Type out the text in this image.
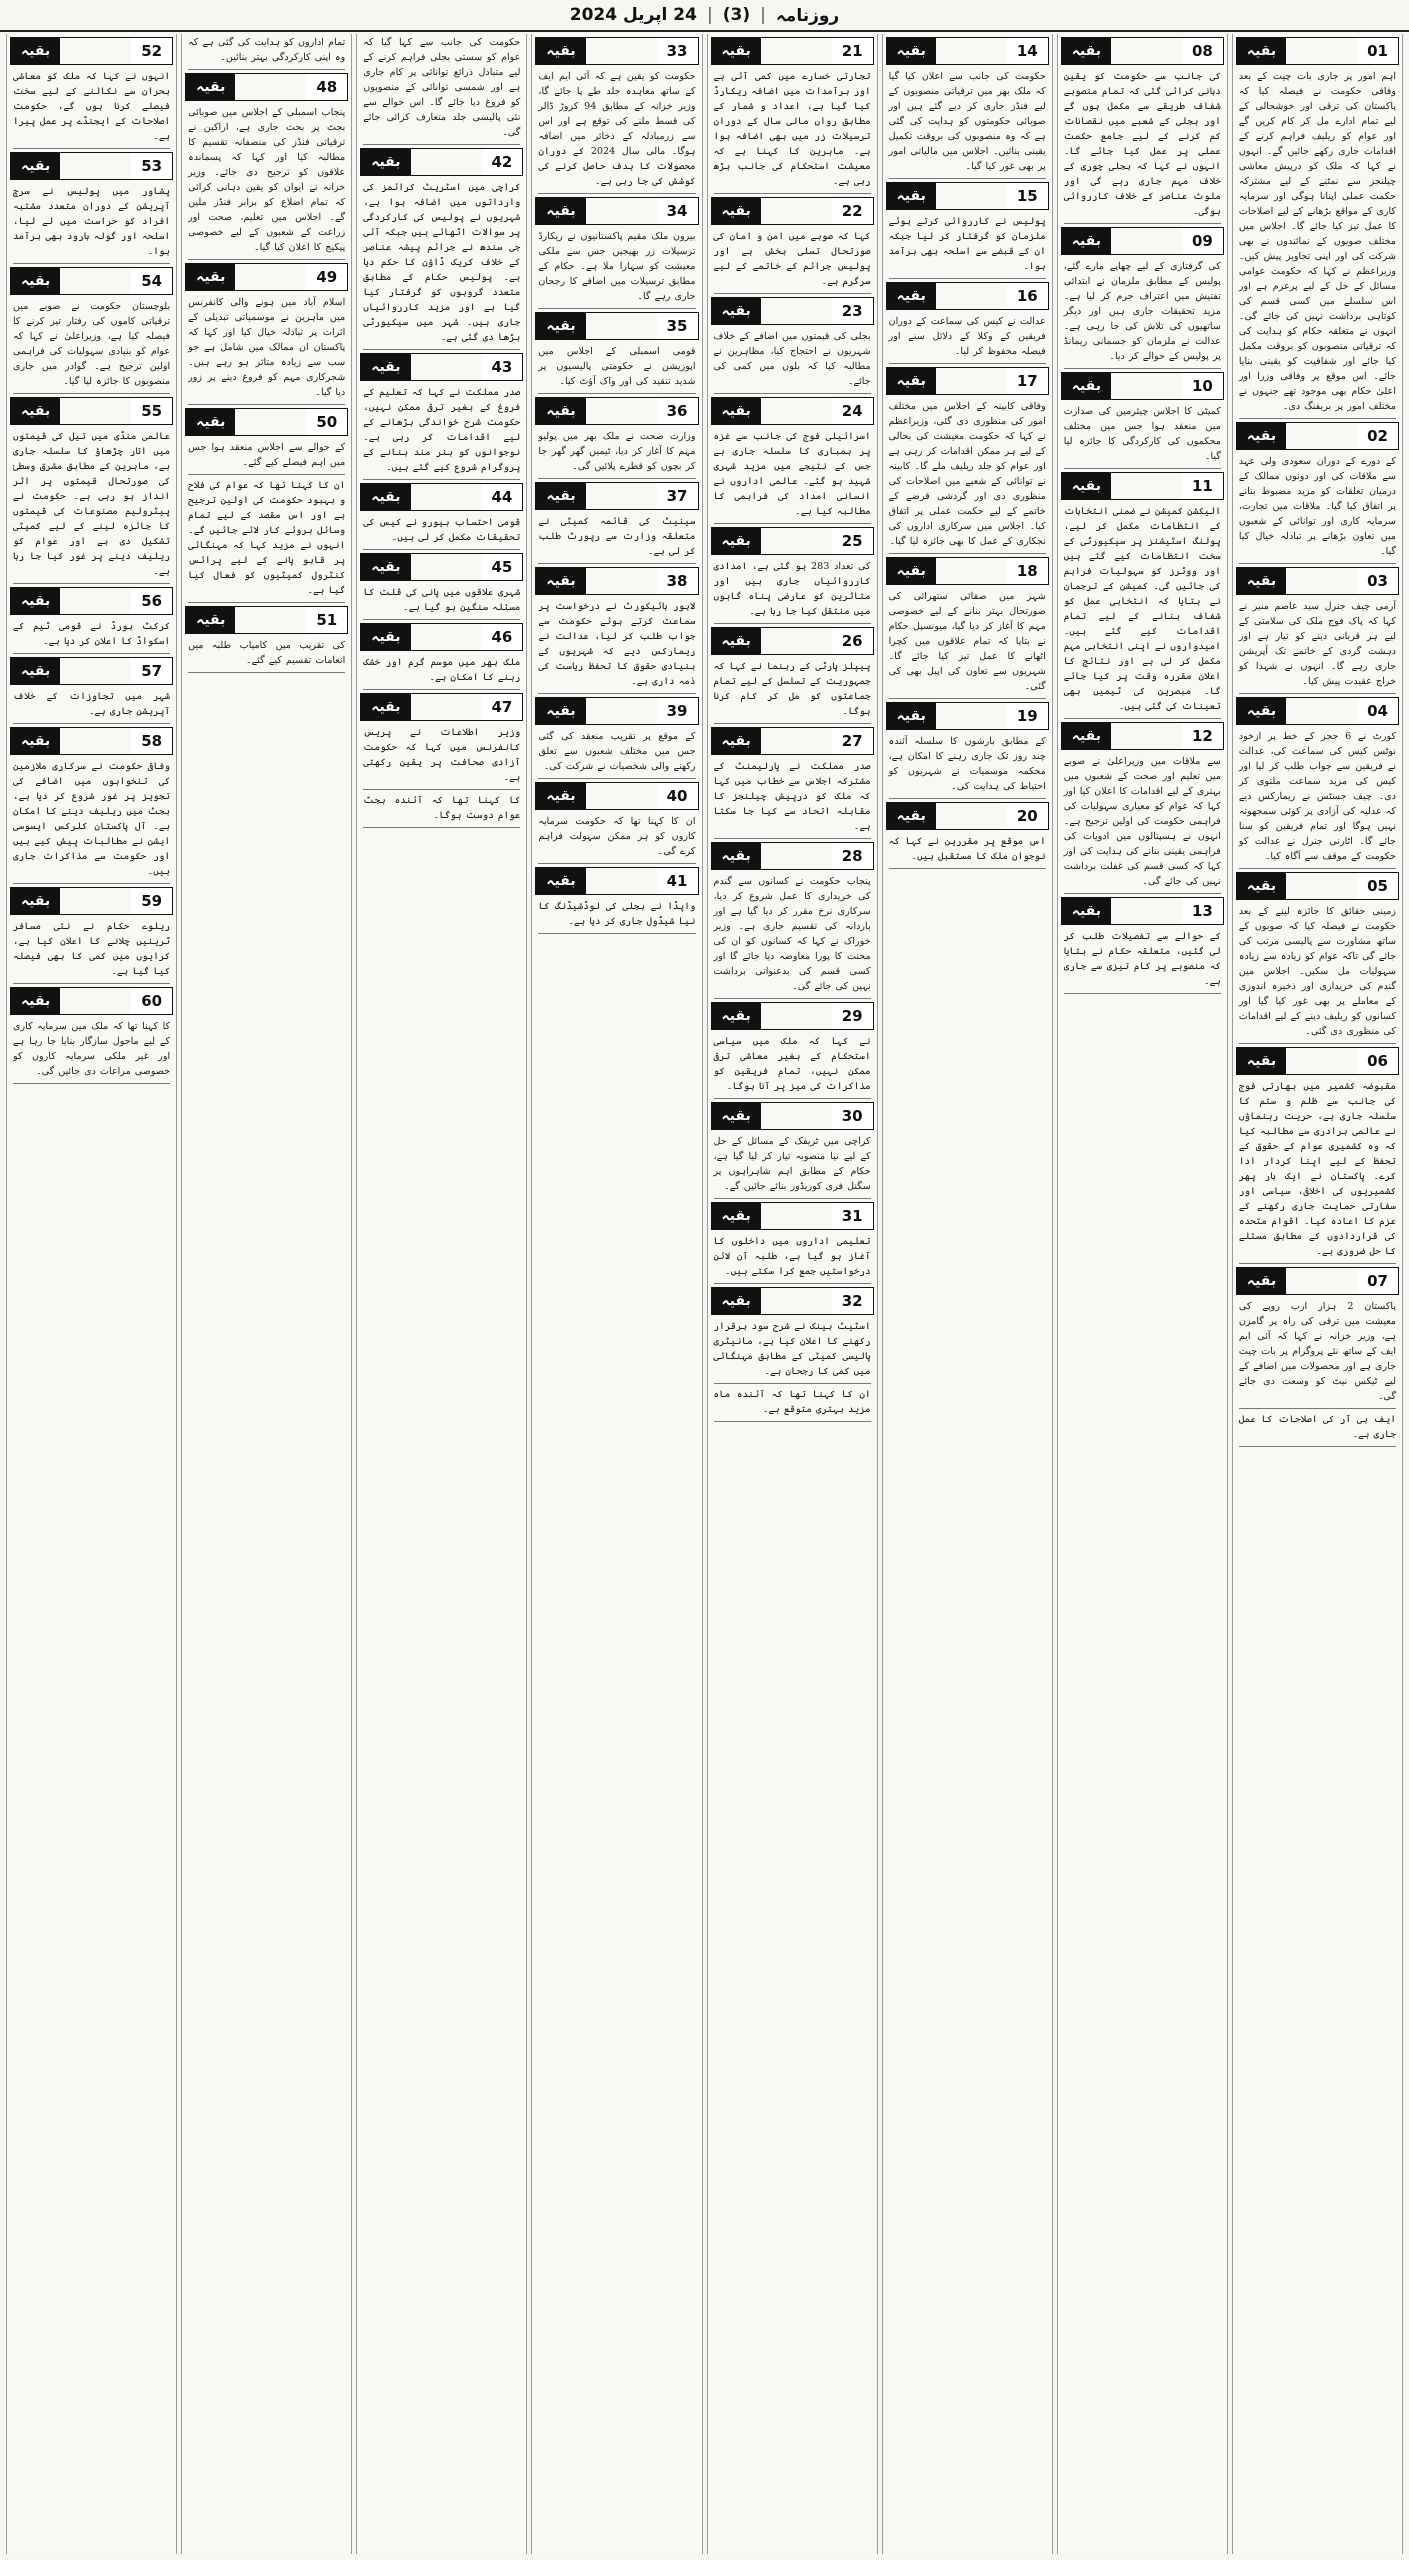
روزنامہ
|
(3)
|
24 اپریل 2024
بقیہ	01
اہم امور پر جاری بات چیت کے بعد وفاقی حکومت نے فیصلہ کیا کہ پاکستان کی ترقی اور خوشحالی کے لیے تمام ادارے مل کر کام کریں گے اور عوام کو ریلیف فراہم کرنے کے اقدامات جاری رکھے جائیں گے۔ انہوں نے کہا کہ ملک کو درپیش معاشی چیلنجز سے نمٹنے کے لیے مشترکہ حکمت عملی اپنانا ہوگی اور سرمایہ کاری کے مواقع بڑھانے کے لیے اصلاحات کا عمل تیز کیا جائے گا۔ اجلاس میں مختلف صوبوں کے نمائندوں نے بھی شرکت کی اور اپنی تجاویز پیش کیں۔ وزیراعظم نے کہا کہ حکومت عوامی مسائل کے حل کے لیے پرعزم ہے اور اس سلسلے میں کسی قسم کی کوتاہی برداشت نہیں کی جائے گی۔ انہوں نے متعلقہ حکام کو ہدایت کی کہ ترقیاتی منصوبوں کو بروقت مکمل کیا جائے اور شفافیت کو یقینی بنایا جائے۔ اس موقع پر وفاقی وزرا اور اعلیٰ حکام بھی موجود تھے جنہوں نے مختلف امور پر بریفنگ دی۔
بقیہ	02
کے دورے کے دوران سعودی ولی عہد سے ملاقات کی اور دونوں ممالک کے درمیان تعلقات کو مزید مضبوط بنانے پر اتفاق کیا گیا۔ ملاقات میں تجارت، سرمایہ کاری اور توانائی کے شعبوں میں تعاون بڑھانے پر تبادلہ خیال کیا گیا۔
بقیہ	03
آرمی چیف جنرل سید عاصم منیر نے کہا کہ پاک فوج ملک کی سلامتی کے لیے ہر قربانی دینے کو تیار ہے اور دہشت گردی کے خاتمے تک آپریشن جاری رہے گا۔ انہوں نے شہدا کو خراج عقیدت پیش کیا۔
بقیہ	04
کورٹ نے 6 ججز کے خط پر ازخود نوٹس کیس کی سماعت کی، عدالت نے فریقین سے جواب طلب کر لیا اور کیس کی مزید سماعت ملتوی کر دی۔ چیف جسٹس نے ریمارکس دیے کہ عدلیہ کی آزادی پر کوئی سمجھوتہ نہیں ہوگا اور تمام فریقین کو سنا جائے گا۔ اٹارنی جنرل نے عدالت کو حکومت کے موقف سے آگاہ کیا۔
بقیہ	05
زمینی حقائق کا جائزہ لینے کے بعد حکومت نے فیصلہ کیا کہ صوبوں کے ساتھ مشاورت سے پالیسی مرتب کی جائے گی تاکہ عوام کو زیادہ سے زیادہ سہولیات مل سکیں۔ اجلاس میں گندم کی خریداری اور ذخیرہ اندوزی کے معاملے پر بھی غور کیا گیا اور کسانوں کو ریلیف دینے کے لیے اقدامات کی منظوری دی گئی۔
بقیہ	06
مقبوضہ کشمیر میں بھارتی فوج کی جانب سے ظلم و ستم کا سلسلہ جاری ہے، حریت رہنماؤں نے عالمی برادری سے مطالبہ کیا کہ وہ کشمیری عوام کے حقوق کے تحفظ کے لیے اپنا کردار ادا کرے۔ پاکستان نے ایک بار پھر کشمیریوں کی اخلاقی، سیاسی اور سفارتی حمایت جاری رکھنے کے عزم کا اعادہ کیا۔ اقوام متحدہ کی قراردادوں کے مطابق مسئلے کا حل ضروری ہے۔
بقیہ	07
پاکستان 2 ہزار ارب روپے کی معیشت میں ترقی کی راہ پر گامزن ہے، وزیر خزانہ نے کہا کہ آئی ایم ایف کے ساتھ نئے پروگرام پر بات چیت جاری ہے اور محصولات میں اضافے کے لیے ٹیکس نیٹ کو وسعت دی جائے گی۔
ایف بی آر کی اصلاحات کا عمل جاری ہے۔
بقیہ	08
کی جانب سے حکومت کو یقین دہانی کرائی گئی کہ تمام منصوبے شفاف طریقے سے مکمل ہوں گے اور بجلی کے شعبے میں نقصانات کم کرنے کے لیے جامع حکمت عملی پر عمل کیا جائے گا۔ انہوں نے کہا کہ بجلی چوری کے خلاف مہم جاری رہے گی اور ملوث عناصر کے خلاف کارروائی ہوگی۔
بقیہ	09
کی گرفتاری کے لیے چھاپے مارے گئے، پولیس کے مطابق ملزمان نے ابتدائی تفتیش میں اعتراف جرم کر لیا ہے۔ مزید تحقیقات جاری ہیں اور دیگر ساتھیوں کی تلاش کی جا رہی ہے۔ عدالت نے ملزمان کو جسمانی ریمانڈ پر پولیس کے حوالے کر دیا۔
بقیہ	10
کمیٹی کا اجلاس چیئرمین کی صدارت میں منعقد ہوا جس میں مختلف محکموں کی کارکردگی کا جائزہ لیا گیا۔
بقیہ	11
الیکشن کمیشن نے ضمنی انتخابات کے انتظامات مکمل کر لیے، پولنگ اسٹیشنز پر سیکیورٹی کے سخت انتظامات کیے گئے ہیں اور ووٹرز کو سہولیات فراہم کی جائیں گی۔ کمیشن کے ترجمان نے بتایا کہ انتخابی عمل کو شفاف بنانے کے لیے تمام اقدامات کیے گئے ہیں۔ امیدواروں نے اپنی انتخابی مہم مکمل کر لی ہے اور نتائج کا اعلان مقررہ وقت پر کیا جائے گا۔ مبصرین کی ٹیمیں بھی تعینات کی گئی ہیں۔
بقیہ	12
سے ملاقات میں وزیراعلیٰ نے صوبے میں تعلیم اور صحت کے شعبوں میں بہتری کے لیے اقدامات کا اعلان کیا اور کہا کہ عوام کو معیاری سہولیات کی فراہمی حکومت کی اولین ترجیح ہے۔ انہوں نے ہسپتالوں میں ادویات کی فراہمی یقینی بنانے کی ہدایت کی اور کہا کہ کسی قسم کی غفلت برداشت نہیں کی جائے گی۔
بقیہ	13
کے حوالے سے تفصیلات طلب کر لی گئیں، متعلقہ حکام نے بتایا کہ منصوبے پر کام تیزی سے جاری ہے۔
بقیہ	14
حکومت کی جانب سے اعلان کیا گیا کہ ملک بھر میں ترقیاتی منصوبوں کے لیے فنڈز جاری کر دیے گئے ہیں اور صوبائی حکومتوں کو ہدایت کی گئی ہے کہ وہ منصوبوں کی بروقت تکمیل یقینی بنائیں۔ اجلاس میں مالیاتی امور پر بھی غور کیا گیا۔
بقیہ	15
پولیس نے کارروائی کرتے ہوئے ملزمان کو گرفتار کر لیا جبکہ ان کے قبضے سے اسلحہ بھی برآمد ہوا۔
بقیہ	16
عدالت نے کیس کی سماعت کے دوران فریقین کے وکلا کے دلائل سنے اور فیصلہ محفوظ کر لیا۔
بقیہ	17
وفاقی کابینہ کے اجلاس میں مختلف امور کی منظوری دی گئی، وزیراعظم نے کہا کہ حکومت معیشت کی بحالی کے لیے ہر ممکن اقدامات کر رہی ہے اور عوام کو جلد ریلیف ملے گا۔ کابینہ نے توانائی کے شعبے میں اصلاحات کی منظوری دی اور گردشی قرضے کے خاتمے کے لیے حکمت عملی پر اتفاق کیا۔ اجلاس میں سرکاری اداروں کی نجکاری کے عمل کا بھی جائزہ لیا گیا۔
بقیہ	18
شہر میں صفائی ستھرائی کی صورتحال بہتر بنانے کے لیے خصوصی مہم کا آغاز کر دیا گیا، میونسپل حکام نے بتایا کہ تمام علاقوں میں کچرا اٹھانے کا عمل تیز کیا جائے گا۔ شہریوں سے تعاون کی اپیل بھی کی گئی۔
بقیہ	19
کے مطابق بارشوں کا سلسلہ آئندہ چند روز تک جاری رہنے کا امکان ہے، محکمہ موسمیات نے شہریوں کو احتیاط کی ہدایت کی۔
بقیہ	20
اس موقع پر مقررین نے کہا کہ نوجوان ملک کا مستقبل ہیں۔
بقیہ	21
تجارتی خسارے میں کمی آئی ہے اور برآمدات میں اضافہ ریکارڈ کیا گیا ہے، اعداد و شمار کے مطابق رواں مالی سال کے دوران ترسیلات زر میں بھی اضافہ ہوا ہے۔ ماہرین کا کہنا ہے کہ معیشت استحکام کی جانب بڑھ رہی ہے۔
بقیہ	22
کہا کہ صوبے میں امن و امان کی صورتحال تسلی بخش ہے اور پولیس جرائم کے خاتمے کے لیے سرگرم ہے۔
بقیہ	23
بجلی کی قیمتوں میں اضافے کے خلاف شہریوں نے احتجاج کیا، مظاہرین نے مطالبہ کیا کہ بلوں میں کمی کی جائے۔
بقیہ	24
اسرائیلی فوج کی جانب سے غزہ پر بمباری کا سلسلہ جاری ہے جس کے نتیجے میں مزید شہری شہید ہو گئے۔ عالمی اداروں نے انسانی امداد کی فراہمی کا مطالبہ کیا ہے۔
بقیہ	25
کی تعداد 283 ہو گئی ہے، امدادی کارروائیاں جاری ہیں اور متاثرین کو عارضی پناہ گاہوں میں منتقل کیا جا رہا ہے۔
بقیہ	26
پیپلز پارٹی کے رہنما نے کہا کہ جمہوریت کے تسلسل کے لیے تمام جماعتوں کو مل کر کام کرنا ہوگا۔
بقیہ	27
صدر مملکت نے پارلیمنٹ کے مشترکہ اجلاس سے خطاب میں کہا کہ ملک کو درپیش چیلنجز کا مقابلہ اتحاد سے کیا جا سکتا ہے۔
بقیہ	28
پنجاب حکومت نے کسانوں سے گندم کی خریداری کا عمل شروع کر دیا، سرکاری نرخ مقرر کر دیا گیا ہے اور باردانہ کی تقسیم جاری ہے۔ وزیر خوراک نے کہا کہ کسانوں کو ان کی محنت کا پورا معاوضہ دیا جائے گا اور کسی قسم کی بدعنوانی برداشت نہیں کی جائے گی۔
بقیہ	29
نے کہا کہ ملک میں سیاسی استحکام کے بغیر معاشی ترقی ممکن نہیں، تمام فریقین کو مذاکرات کی میز پر آنا ہوگا۔
بقیہ	30
کراچی میں ٹریفک کے مسائل کے حل کے لیے نیا منصوبہ تیار کر لیا گیا ہے، حکام کے مطابق اہم شاہراہوں پر سگنل فری کوریڈور بنائے جائیں گے۔
بقیہ	31
تعلیمی اداروں میں داخلوں کا آغاز ہو گیا ہے، طلبہ آن لائن درخواستیں جمع کرا سکتے ہیں۔
بقیہ	32
اسٹیٹ بینک نے شرح سود برقرار رکھنے کا اعلان کیا ہے، مانیٹری پالیسی کمیٹی کے مطابق مہنگائی میں کمی کا رجحان ہے۔
ان کا کہنا تھا کہ آئندہ ماہ مزید بہتری متوقع ہے۔
بقیہ	33
حکومت کو یقین ہے کہ آئی ایم ایف کے ساتھ معاہدہ جلد طے پا جائے گا، وزیر خزانہ کے مطابق 94 کروڑ ڈالر کی قسط ملنے کی توقع ہے اور اس سے زرمبادلہ کے ذخائر میں اضافہ ہوگا۔ مالی سال 2024 کے دوران محصولات کا ہدف حاصل کرنے کی کوشش کی جا رہی ہے۔
بقیہ	34
بیرون ملک مقیم پاکستانیوں نے ریکارڈ ترسیلات زر بھیجیں جس سے ملکی معیشت کو سہارا ملا ہے۔ حکام کے مطابق ترسیلات میں اضافے کا رجحان جاری رہے گا۔
بقیہ	35
قومی اسمبلی کے اجلاس میں اپوزیشن نے حکومتی پالیسیوں پر شدید تنقید کی اور واک آؤٹ کیا۔
بقیہ	36
وزارت صحت نے ملک بھر میں پولیو مہم کا آغاز کر دیا، ٹیمیں گھر گھر جا کر بچوں کو قطرے پلائیں گی۔
بقیہ	37
سینیٹ کی قائمہ کمیٹی نے متعلقہ وزارت سے رپورٹ طلب کر لی ہے۔
بقیہ	38
لاہور ہائیکورٹ نے درخواست پر سماعت کرتے ہوئے حکومت سے جواب طلب کر لیا، عدالت نے ریمارکس دیے کہ شہریوں کے بنیادی حقوق کا تحفظ ریاست کی ذمہ داری ہے۔
بقیہ	39
کے موقع پر تقریب منعقد کی گئی جس میں مختلف شعبوں سے تعلق رکھنے والی شخصیات نے شرکت کی۔
بقیہ	40
ان کا کہنا تھا کہ حکومت سرمایہ کاروں کو ہر ممکن سہولت فراہم کرے گی۔
بقیہ	41
واپڈا نے بجلی کی لوڈشیڈنگ کا نیا شیڈول جاری کر دیا ہے۔
حکومت کی جانب سے کہا گیا کہ عوام کو سستی بجلی فراہم کرنے کے لیے متبادل ذرائع توانائی پر کام جاری ہے اور شمسی توانائی کے منصوبوں کو فروغ دیا جائے گا۔ اس حوالے سے نئی پالیسی جلد متعارف کرائی جائے گی۔
بقیہ	42
کراچی میں اسٹریٹ کرائمز کی وارداتوں میں اضافہ ہوا ہے، شہریوں نے پولیس کی کارکردگی پر سوالات اٹھائے ہیں جبکہ آئی جی سندھ نے جرائم پیشہ عناصر کے خلاف کریک ڈاؤن کا حکم دیا ہے۔ پولیس حکام کے مطابق متعدد گروہوں کو گرفتار کیا گیا ہے اور مزید کارروائیاں جاری ہیں۔ شہر میں سیکیورٹی بڑھا دی گئی ہے۔
بقیہ	43
صدر مملکت نے کہا کہ تعلیم کے فروغ کے بغیر ترقی ممکن نہیں، حکومت شرح خواندگی بڑھانے کے لیے اقدامات کر رہی ہے۔ نوجوانوں کو ہنر مند بنانے کے پروگرام شروع کیے گئے ہیں۔
بقیہ	44
قومی احتساب بیورو نے کیس کی تحقیقات مکمل کر لی ہیں۔
بقیہ	45
شہری علاقوں میں پانی کی قلت کا مسئلہ سنگین ہو گیا ہے۔
بقیہ	46
ملک بھر میں موسم گرم اور خشک رہنے کا امکان ہے۔
بقیہ	47
وزیر اطلاعات نے پریس کانفرنس میں کہا کہ حکومت آزادی صحافت پر یقین رکھتی ہے۔
کا کہنا تھا کہ آئندہ بجٹ عوام دوست ہوگا۔
تمام اداروں کو ہدایت کی گئی ہے کہ وہ اپنی کارکردگی بہتر بنائیں۔
بقیہ	48
پنجاب اسمبلی کے اجلاس میں صوبائی بجٹ پر بحث جاری ہے، اراکین نے ترقیاتی فنڈز کی منصفانہ تقسیم کا مطالبہ کیا اور کہا کہ پسماندہ علاقوں کو ترجیح دی جائے۔ وزیر خزانہ نے ایوان کو یقین دہانی کرائی کہ تمام اضلاع کو برابر فنڈز ملیں گے۔ اجلاس میں تعلیم، صحت اور زراعت کے شعبوں کے لیے خصوصی پیکیج کا اعلان کیا گیا۔
بقیہ	49
اسلام آباد میں ہونے والی کانفرنس میں ماہرین نے موسمیاتی تبدیلی کے اثرات پر تبادلہ خیال کیا اور کہا کہ پاکستان ان ممالک میں شامل ہے جو سب سے زیادہ متاثر ہو رہے ہیں۔ شجرکاری مہم کو فروغ دینے پر زور دیا گیا۔
بقیہ	50
کے حوالے سے اجلاس منعقد ہوا جس میں اہم فیصلے کیے گئے۔
ان کا کہنا تھا کہ عوام کی فلاح و بہبود حکومت کی اولین ترجیح ہے اور اس مقصد کے لیے تمام وسائل بروئے کار لائے جائیں گے۔ انہوں نے مزید کہا کہ مہنگائی پر قابو پانے کے لیے پرائس کنٹرول کمیٹیوں کو فعال کیا گیا ہے۔
بقیہ	51
کی تقریب میں کامیاب طلبہ میں انعامات تقسیم کیے گئے۔
بقیہ	52
انہوں نے کہا کہ ملک کو معاشی بحران سے نکالنے کے لیے سخت فیصلے کرنا ہوں گے، حکومت اصلاحات کے ایجنڈے پر عمل پیرا ہے۔
بقیہ	53
پشاور میں پولیس نے سرچ آپریشن کے دوران متعدد مشتبہ افراد کو حراست میں لے لیا، اسلحہ اور گولہ بارود بھی برآمد ہوا۔
بقیہ	54
بلوچستان حکومت نے صوبے میں ترقیاتی کاموں کی رفتار تیز کرنے کا فیصلہ کیا ہے، وزیراعلیٰ نے کہا کہ عوام کو بنیادی سہولیات کی فراہمی اولین ترجیح ہے۔ گوادر میں جاری منصوبوں کا جائزہ لیا گیا۔
بقیہ	55
عالمی منڈی میں تیل کی قیمتوں میں اتار چڑھاؤ کا سلسلہ جاری ہے، ماہرین کے مطابق مشرق وسطیٰ کی صورتحال قیمتوں پر اثر انداز ہو رہی ہے۔ حکومت نے پیٹرولیم مصنوعات کی قیمتوں کا جائزہ لینے کے لیے کمیٹی تشکیل دی ہے اور عوام کو ریلیف دینے پر غور کیا جا رہا ہے۔
بقیہ	56
کرکٹ بورڈ نے قومی ٹیم کے اسکواڈ کا اعلان کر دیا ہے۔
بقیہ	57
شہر میں تجاوزات کے خلاف آپریشن جاری ہے۔
بقیہ	58
وفاقی حکومت نے سرکاری ملازمین کی تنخواہوں میں اضافے کی تجویز پر غور شروع کر دیا ہے، بجٹ میں ریلیف دینے کا امکان ہے۔ آل پاکستان کلرکس ایسوسی ایشن نے مطالبات پیش کیے ہیں اور حکومت سے مذاکرات جاری ہیں۔
بقیہ	59
ریلوے حکام نے نئی مسافر ٹرینیں چلانے کا اعلان کیا ہے، کرایوں میں کمی کا بھی فیصلہ کیا گیا ہے۔
بقیہ	60
کا کہنا تھا کہ ملک میں سرمایہ کاری کے لیے ماحول سازگار بنایا جا رہا ہے اور غیر ملکی سرمایہ کاروں کو خصوصی مراعات دی جائیں گی۔
